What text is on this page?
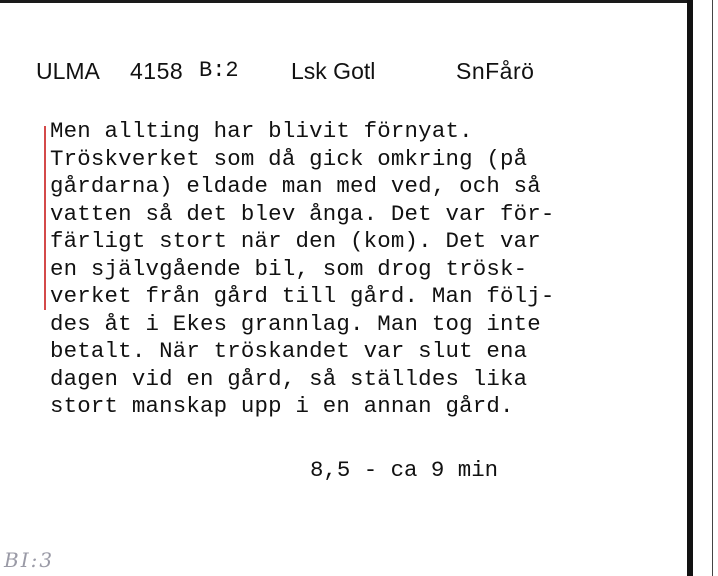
ULMA 4158 B:2 Lsk Gotl	SnFårö
Men allting har blivit förnyat.
Tröskverket som då gick omkring (på
gårdarna) eldade man med ved, och så
vatten så det blev ånga. Det var för-
färligt stort när den (kom). Det var
en självgående bil, som drog trösk-
verket från gård till gård. Man följ-
des åt i Ekes grannlag. Man tog inte
betalt. När tröskandet var slut ena
dagen vid en gård, så ställdes lika
stort manskap upp i en annan gård.
8,5 - ca 9 min
BI:3
